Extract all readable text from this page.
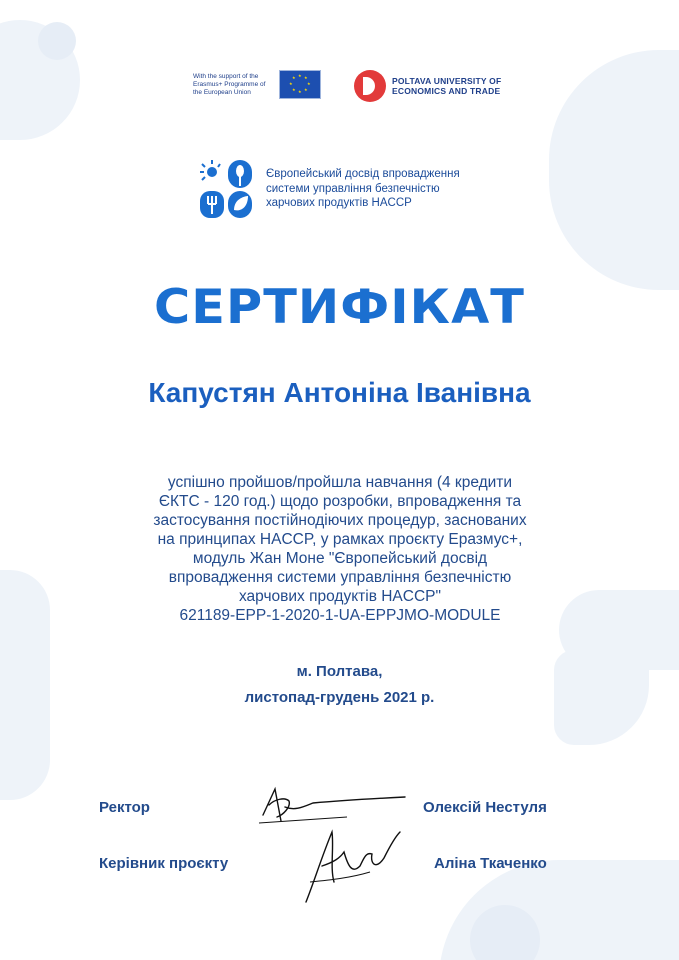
With the support of the Erasmus+ Programme of the European Union
★ ★
★
★
★
★
★
★	POLTAVA UNIVERSITY OF
ECONOMICS AND TRADE
Європейський досвід впровадження
системи управління безпечністю
харчових продуктів HACCP
СЕРТИФІКАТ
Капустян Антоніна Іванівна
успішно пройшов/пройшла навчання (4 кредити
ЄКТС - 120 год.) щодо розробки, впровадження та
застосування постійнодіючих процедур, заснованих
на принципах HACCP, у рамках проєкту Еразмус+,
модуль Жан Моне "Європейський досвід
впровадження системи управління безпечністю
харчових продуктів HACCP"
621189-EPP-1-2020-1-UA-EPPJMO-MODULE
м. Полтава,
листопад-грудень 2021 р.
Ректор	Олексій Нестуля
Керівник проєкту	Аліна Ткаченко
